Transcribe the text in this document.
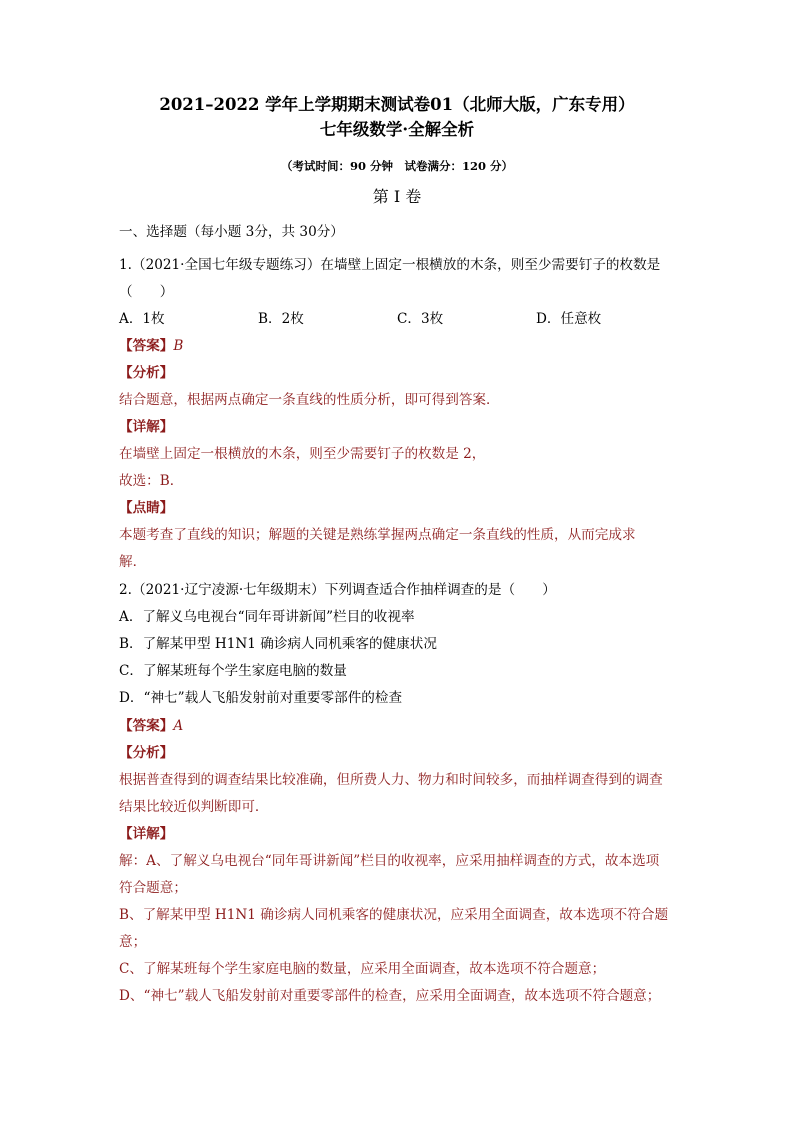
2021–2022 学年上学期期末测试卷01（北师大版，广东专用）
七年级数学·全解全析
（考试时间：90 分钟　试卷满分：120 分）
第 I 卷
一、选择题（每小题 3分，共 30分）
1.（2021·全国七年级专题练习）在墙壁上固定一根横放的木条，则至少需要钉子的枚数是
（　　）
A．1枚	B．2枚	C．3枚	D．任意枚
【答案】B
【分析】
结合题意，根据两点确定一条直线的性质分析，即可得到答案．
【详解】
在墙壁上固定一根横放的木条，则至少需要钉子的枚数是 2，
故选：B．
【点睛】
本题考查了直线的知识；解题的关键是熟练掌握两点确定一条直线的性质，从而完成求
解．
2.（2021·辽宁凌源·七年级期末）下列调查适合作抽样调查的是（　　）
A．了解义乌电视台“同年哥讲新闻”栏目的收视率
B．了解某甲型 H1N1 确诊病人同机乘客的健康状况
C．了解某班每个学生家庭电脑的数量
D．“神七”载人飞船发射前对重要零部件的检查
【答案】A
【分析】
根据普查得到的调查结果比较准确，但所费人力、物力和时间较多，而抽样调查得到的调查
结果比较近似判断即可．
【详解】
解：A、了解义乌电视台“同年哥讲新闻”栏目的收视率，应采用抽样调查的方式，故本选项
符合题意；
B、了解某甲型 H1N1 确诊病人同机乘客的健康状况，应采用全面调查，故本选项不符合题
意；
C、了解某班每个学生家庭电脑的数量，应采用全面调查，故本选项不符合题意；
D、“神七”载人飞船发射前对重要零部件的检查，应采用全面调查，故本选项不符合题意；
